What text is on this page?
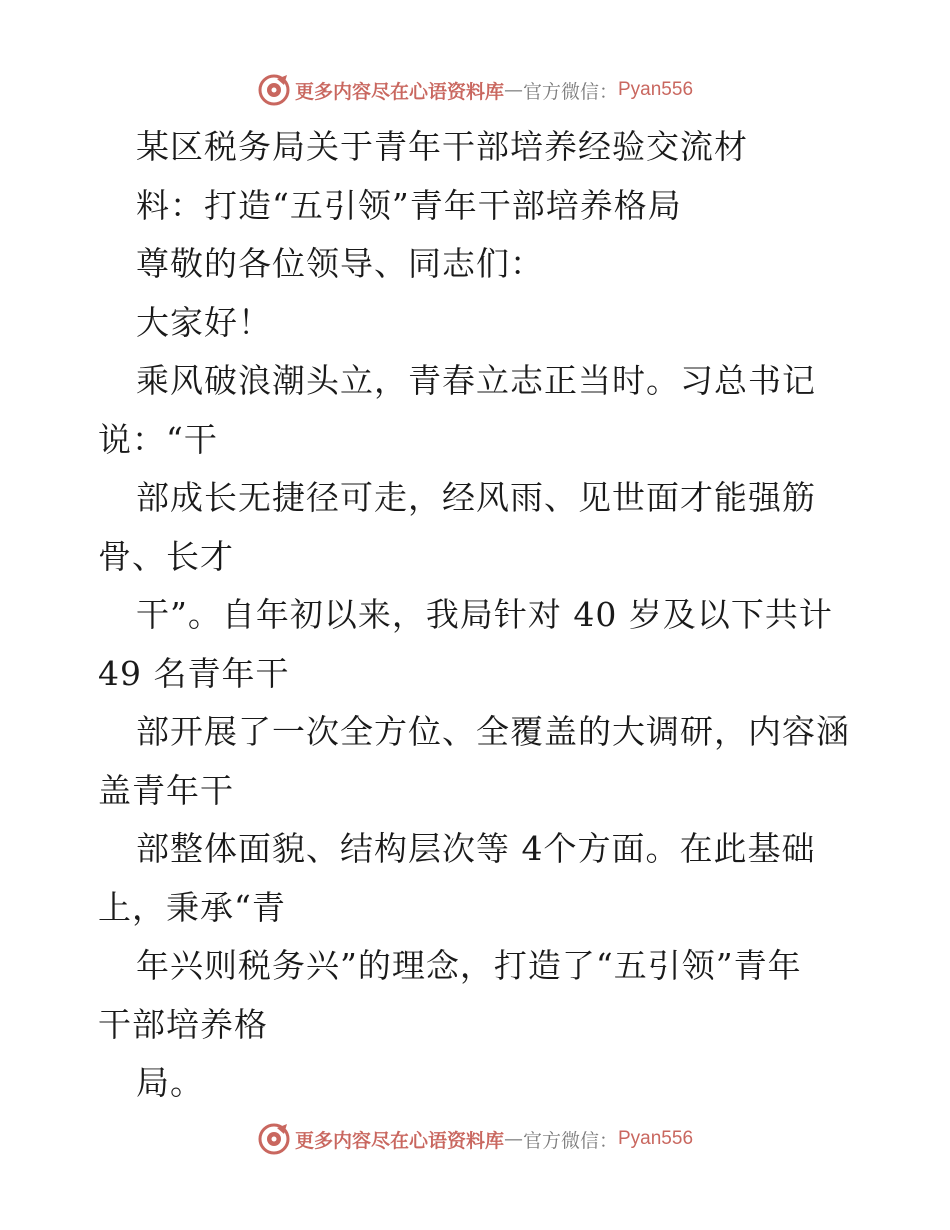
更多内容尽在心语资料库 — 官方微信： Pyan556
某区税务局关于青年干部培养经验交流材
料：打造“五引领”青年干部培养格局
尊敬的各位领导、同志们：
大家好！
乘风破浪潮头立，青春立志正当时。习总书记
说：“干
部成长无捷径可走，经风雨、见世面才能强筋
骨、长才
干”。自年初以来，我局针对 40 岁及以下共计
49 名青年干
部开展了一次全方位、全覆盖的大调研，内容涵
盖青年干
部整体面貌、结构层次等 4个方面。在此基础
上，秉承“青
年兴则税务兴”的理念，打造了“五引领”青年
干部培养格
局。
更多内容尽在心语资料库 — 官方微信： Pyan556
